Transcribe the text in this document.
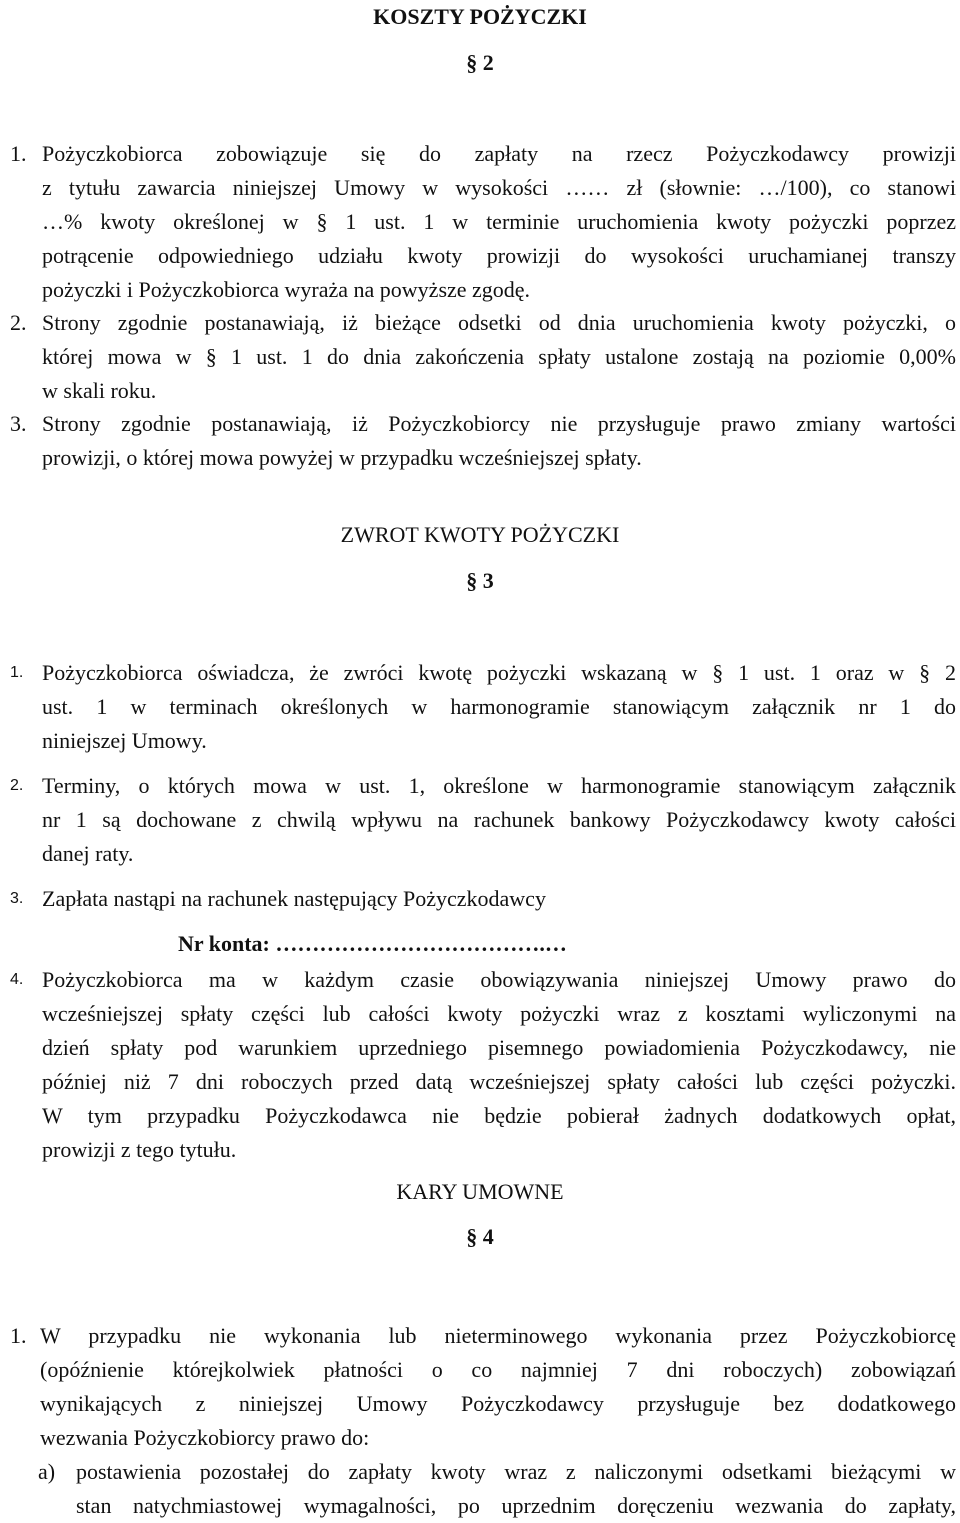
KOSZTY POŻYCZKI
§ 2
1. Pożyczkobiorca zobowiązuje się do zapłaty na rzecz Pożyczkodawcy prowizji
z tytułu zawarcia niniejszej Umowy w wysokości …… zł (słownie: …/100), co stanowi
…% kwoty określonej w § 1 ust. 1 w terminie uruchomienia kwoty pożyczki poprzez
potrącenie odpowiedniego udziału kwoty prowizji do wysokości uruchamianej transzy
pożyczki i Pożyczkobiorca wyraża na powyższe zgodę.
2. Strony zgodnie postanawiają, iż bieżące odsetki od dnia uruchomienia kwoty pożyczki, o
której mowa w § 1 ust. 1 do dnia zakończenia spłaty ustalone zostają na poziomie 0,00%
w skali roku.
3. Strony zgodnie postanawiają, iż Pożyczkobiorcy nie przysługuje prawo zmiany wartości
prowizji, o której mowa powyżej w przypadku wcześniejszej spłaty.
ZWROT KWOTY POŻYCZKI
§ 3
1. Pożyczkobiorca oświadcza, że zwróci kwotę pożyczki wskazaną w § 1 ust. 1 oraz w § 2
ust. 1 w terminach określonych w harmonogramie stanowiącym załącznik nr 1 do
niniejszej Umowy.
2. Terminy, o których mowa w ust. 1, określone w harmonogramie stanowiącym załącznik
nr 1 są dochowane z chwilą wpływu na rachunek bankowy Pożyczkodawcy kwoty całości
danej raty.
3. Zapłata nastąpi na rachunek następujący Pożyczkodawcy
Nr konta: ……………………………….…
4. Pożyczkobiorca ma w każdym czasie obowiązywania niniejszej Umowy prawo do
wcześniejszej spłaty części lub całości kwoty pożyczki wraz z kosztami wyliczonymi na
dzień spłaty pod warunkiem uprzedniego pisemnego powiadomienia Pożyczkodawcy, nie
później niż 7 dni roboczych przed datą wcześniejszej spłaty całości lub części pożyczki.
W tym przypadku Pożyczkodawca nie będzie pobierał żadnych dodatkowych opłat,
prowizji z tego tytułu.
KARY UMOWNE
§ 4
1. W przypadku nie wykonania lub nieterminowego wykonania przez Pożyczkobiorcę
(opóźnienie którejkolwiek płatności o co najmniej 7 dni roboczych) zobowiązań
wynikających z niniejszej Umowy Pożyczkodawcy przysługuje bez dodatkowego
wezwania Pożyczkobiorcy prawo do:
a) postawienia pozostałej do zapłaty kwoty wraz z naliczonymi odsetkami bieżącymi w
stan natychmiastowej wymagalności, po uprzednim doręczeniu wezwania do zapłaty,
